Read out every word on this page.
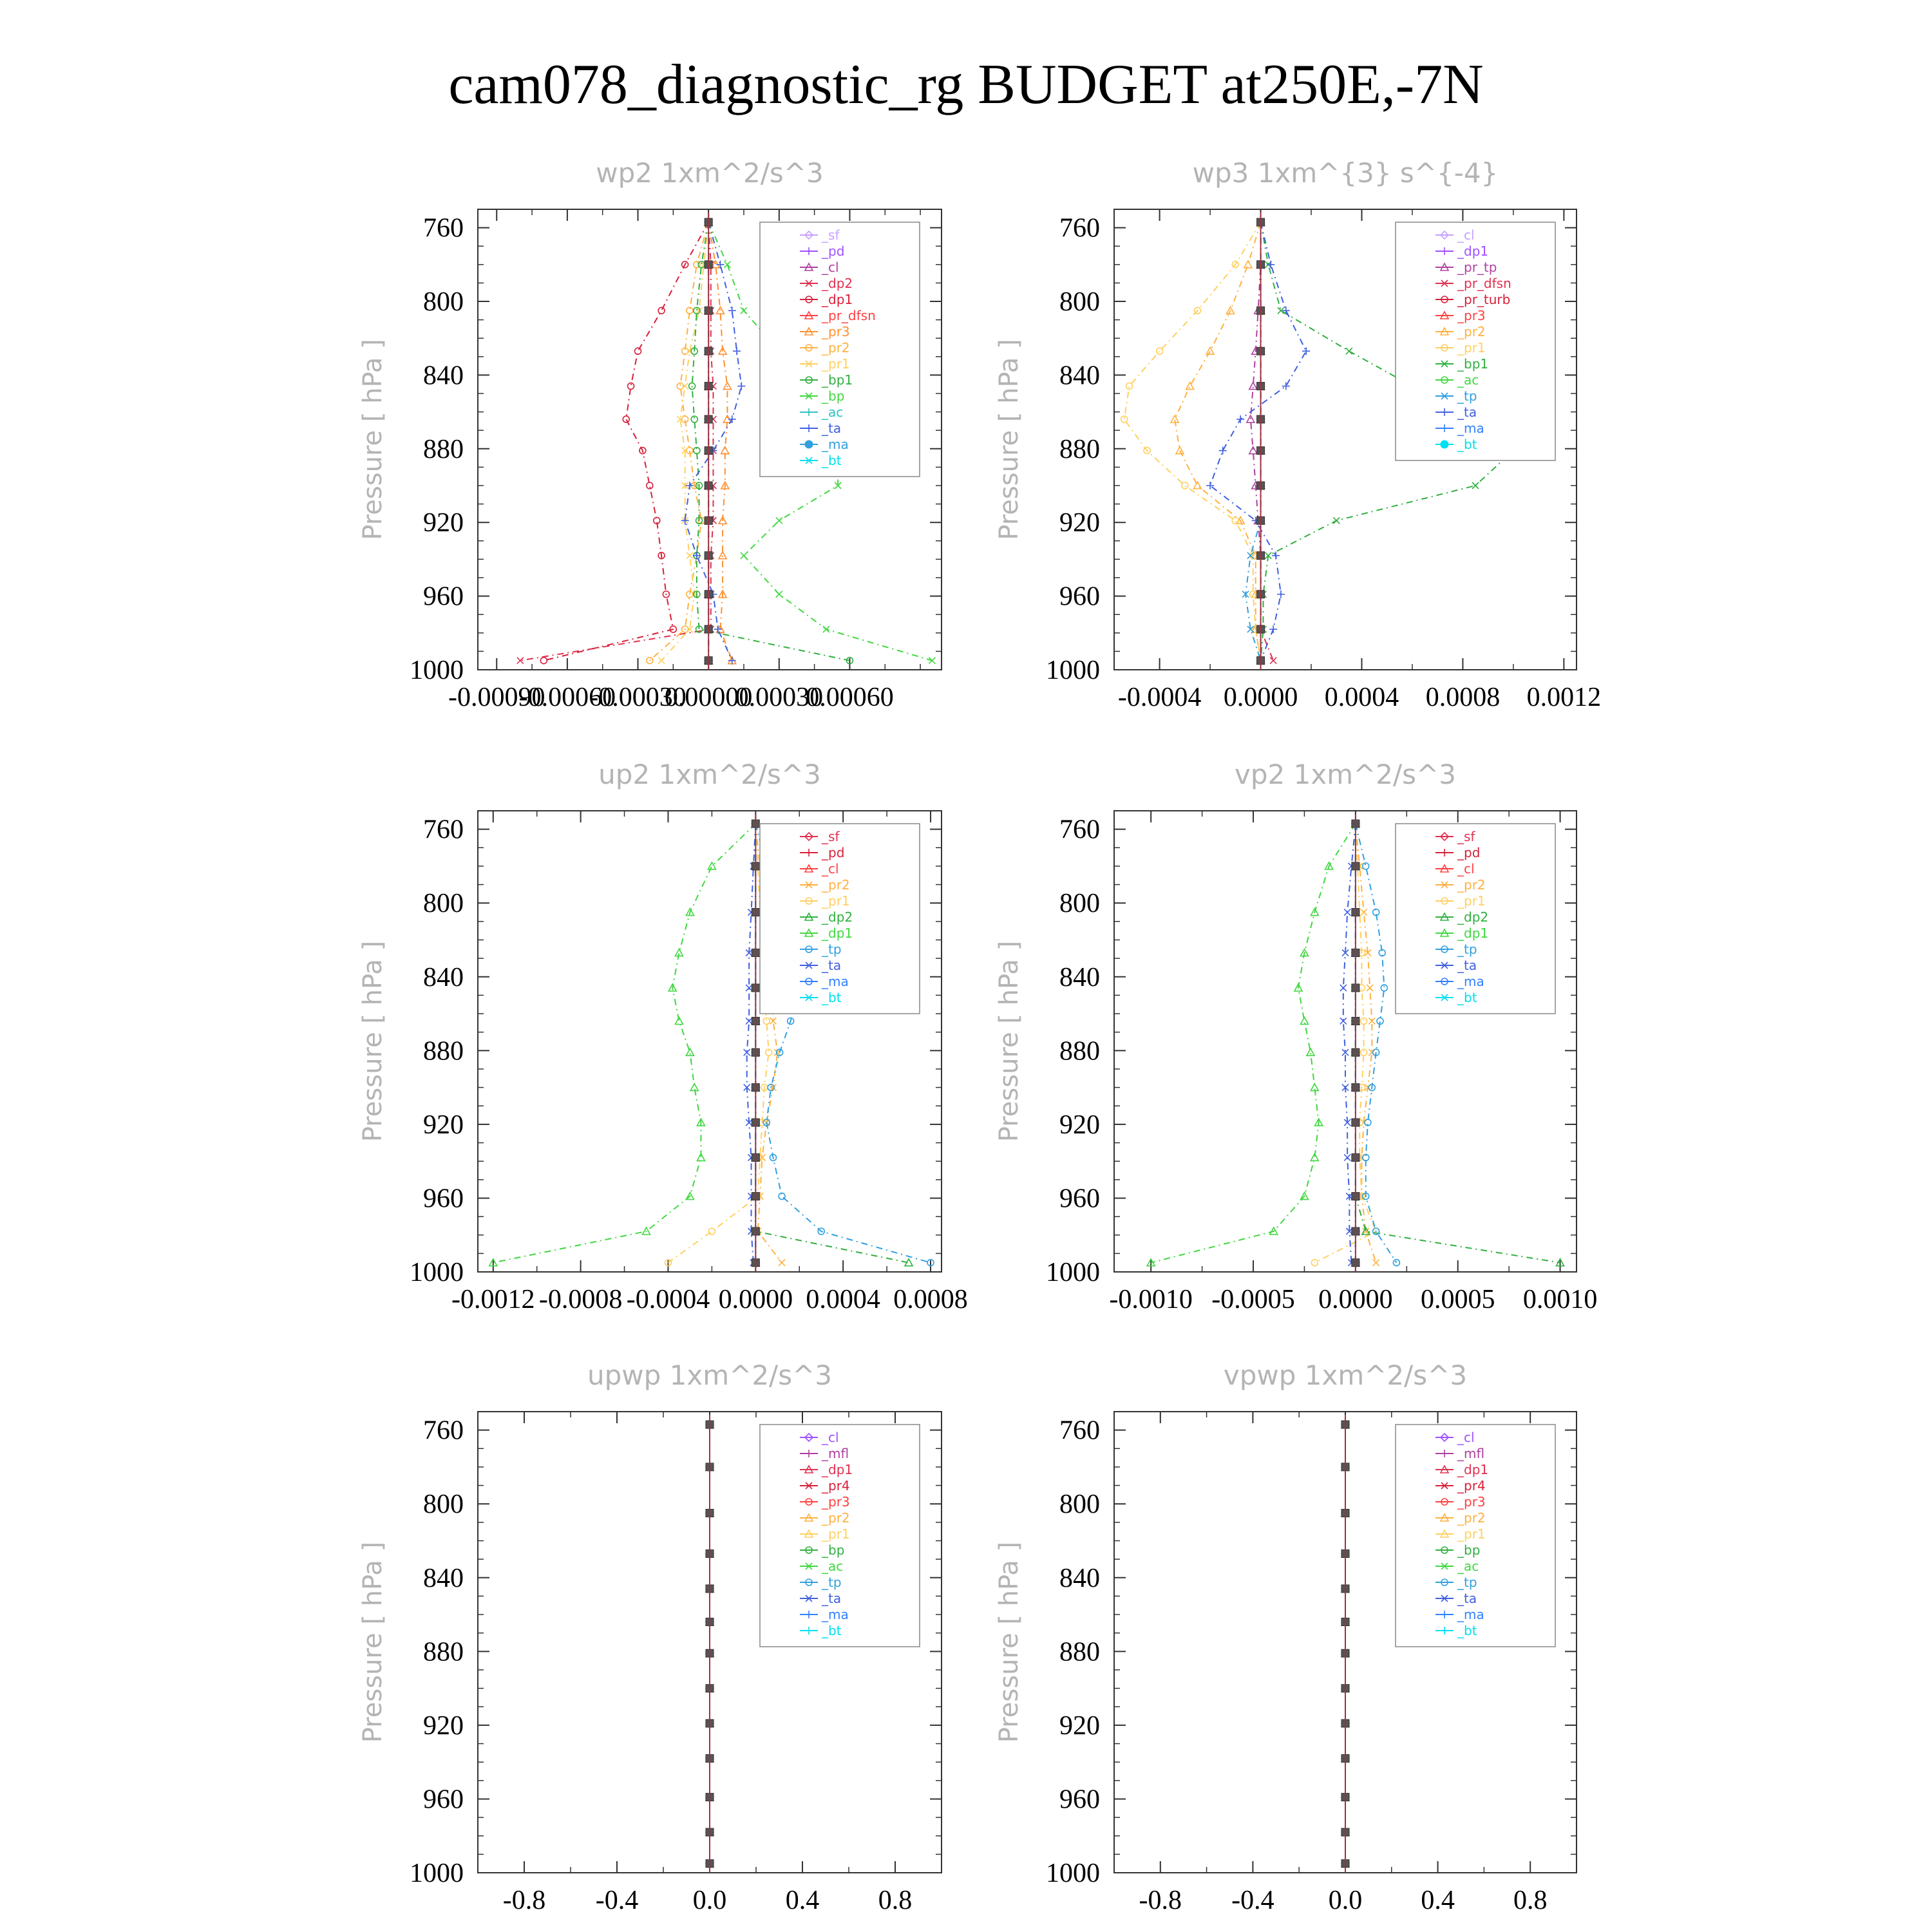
cam078_diagnostic_rg BUDGET at250E,-7N
760
800
840
880
920
960
1000
-0.00090
-0.00060
-0.00030
0.00000
0.00030
0.00060
wp2 1xm^2/s^3
Pressure [ hPa ]
_sf
_pd
_cl
_dp2
_dp1
_pr_dfsn
_pr3
_pr2
_pr1
_bp1
_bp
_ac
_ta
_ma
_bt
760
800
840
880
920
960
1000
-0.0004 0.0000 0.0004 0.0008 0.0012
wp3 1xm^{3} s^{-4}
Pressure [ hPa ]
_cl
_dp1
_pr_tp
_pr_dfsn
_pr_turb
_pr3
_pr2
_pr1
_bp1
_ac
_tp
_ta
_ma
_bt
760
800
840
880
920
960
1000
-0.0012 -0.0008 -0.0004 0.0000 0.0004 0.0008
up2 1xm^2/s^3
Pressure [ hPa ]
_sf
_pd
_cl
_pr2
_pr1
_dp2
_dp1
_tp
_ta
_ma
_bt
760
800
840
880
920
960
1000
-0.0010 -0.0005 0.0000 0.0005 0.0010
vp2 1xm^2/s^3
Pressure [ hPa ]
_sf
_pd
_cl
_pr2
_pr1
_dp2
_dp1
_tp
_ta
_ma
_bt
760
800
840
880
920
960
1000
-0.8 -0.4 0.0 0.4 0.8
upwp 1xm^2/s^3
Pressure [ hPa ]
_cl
_mfl
_dp1
_pr4
_pr3
_pr2
_pr1
_bp
_ac
_tp
_ta
_ma
_bt
760
800
840
880
920
960
1000
-0.8 -0.4 0.0 0.4 0.8
vpwp 1xm^2/s^3
Pressure [ hPa ]
_cl
_mfl
_dp1
_pr4
_pr3
_pr2
_pr1
_bp
_ac
_tp
_ta
_ma
_bt
